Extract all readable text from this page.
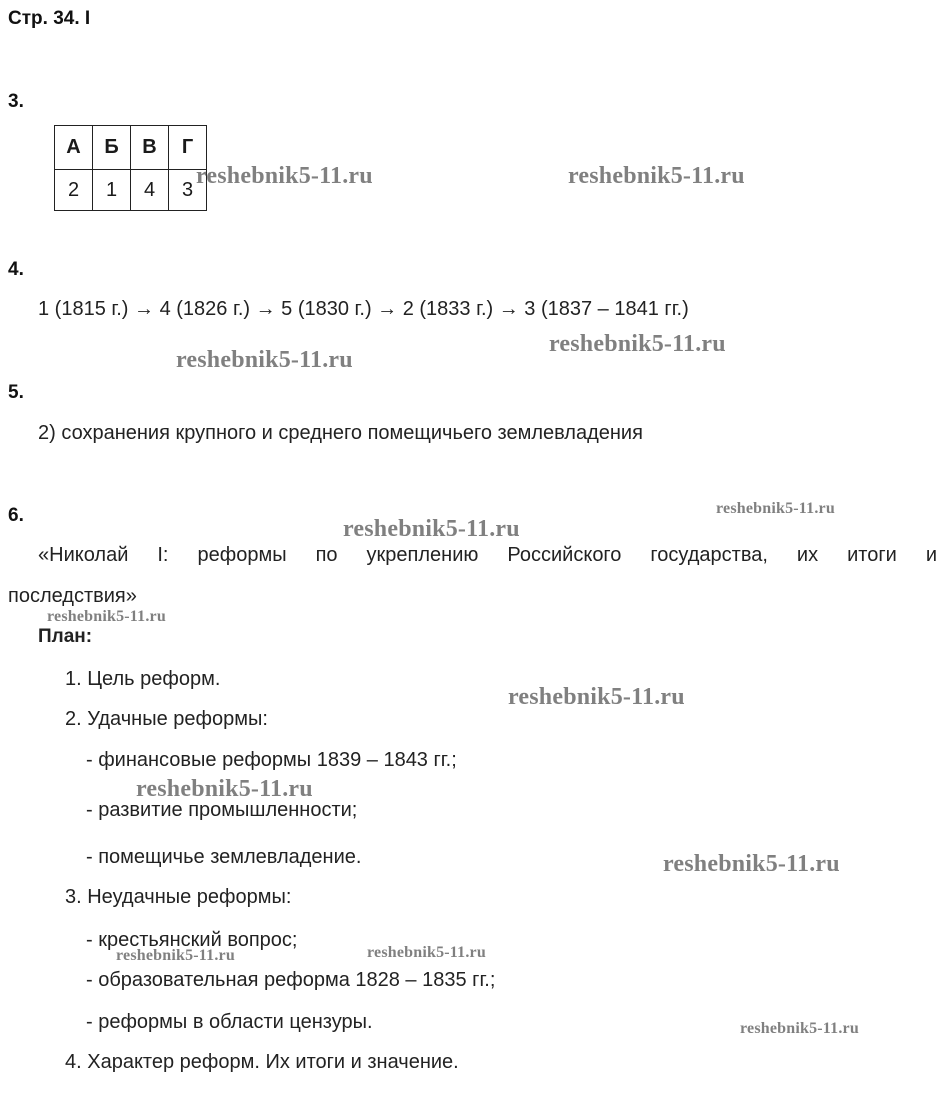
Стр. 34. I
3.
А	Б	В	Г
2	1	4	3
4.
1 (1815 г.) → 4 (1826 г.) → 5 (1830 г.) → 2 (1833 г.) → 3 (1837 – 1841 гг.)
5.
2) сохранения крупного и среднего помещичьего землевладения
6.
«Николай I: реформы по укреплению Российского государства, их итоги и
последствия»
План:
1. Цель реформ.
2. Удачные реформы:
- финансовые реформы 1839 – 1843 гг.;
- развитие промышленности;
- помещичье землевладение.
3. Неудачные реформы:
- крестьянский вопрос;
- образовательная реформа 1828 – 1835 гг.;
- реформы в области цензуры.
4. Характер реформ. Их итоги и значение.
reshebnik5-11.ru	reshebnik5-11.ru
reshebnik5-11.ru
reshebnik5-11.ru
reshebnik5-11.ru
reshebnik5-11.ru
reshebnik5-11.ru
reshebnik5-11.ru
reshebnik5-11.ru
reshebnik5-11.ru
reshebnik5-11.ru	reshebnik5-11.ru
reshebnik5-11.ru
